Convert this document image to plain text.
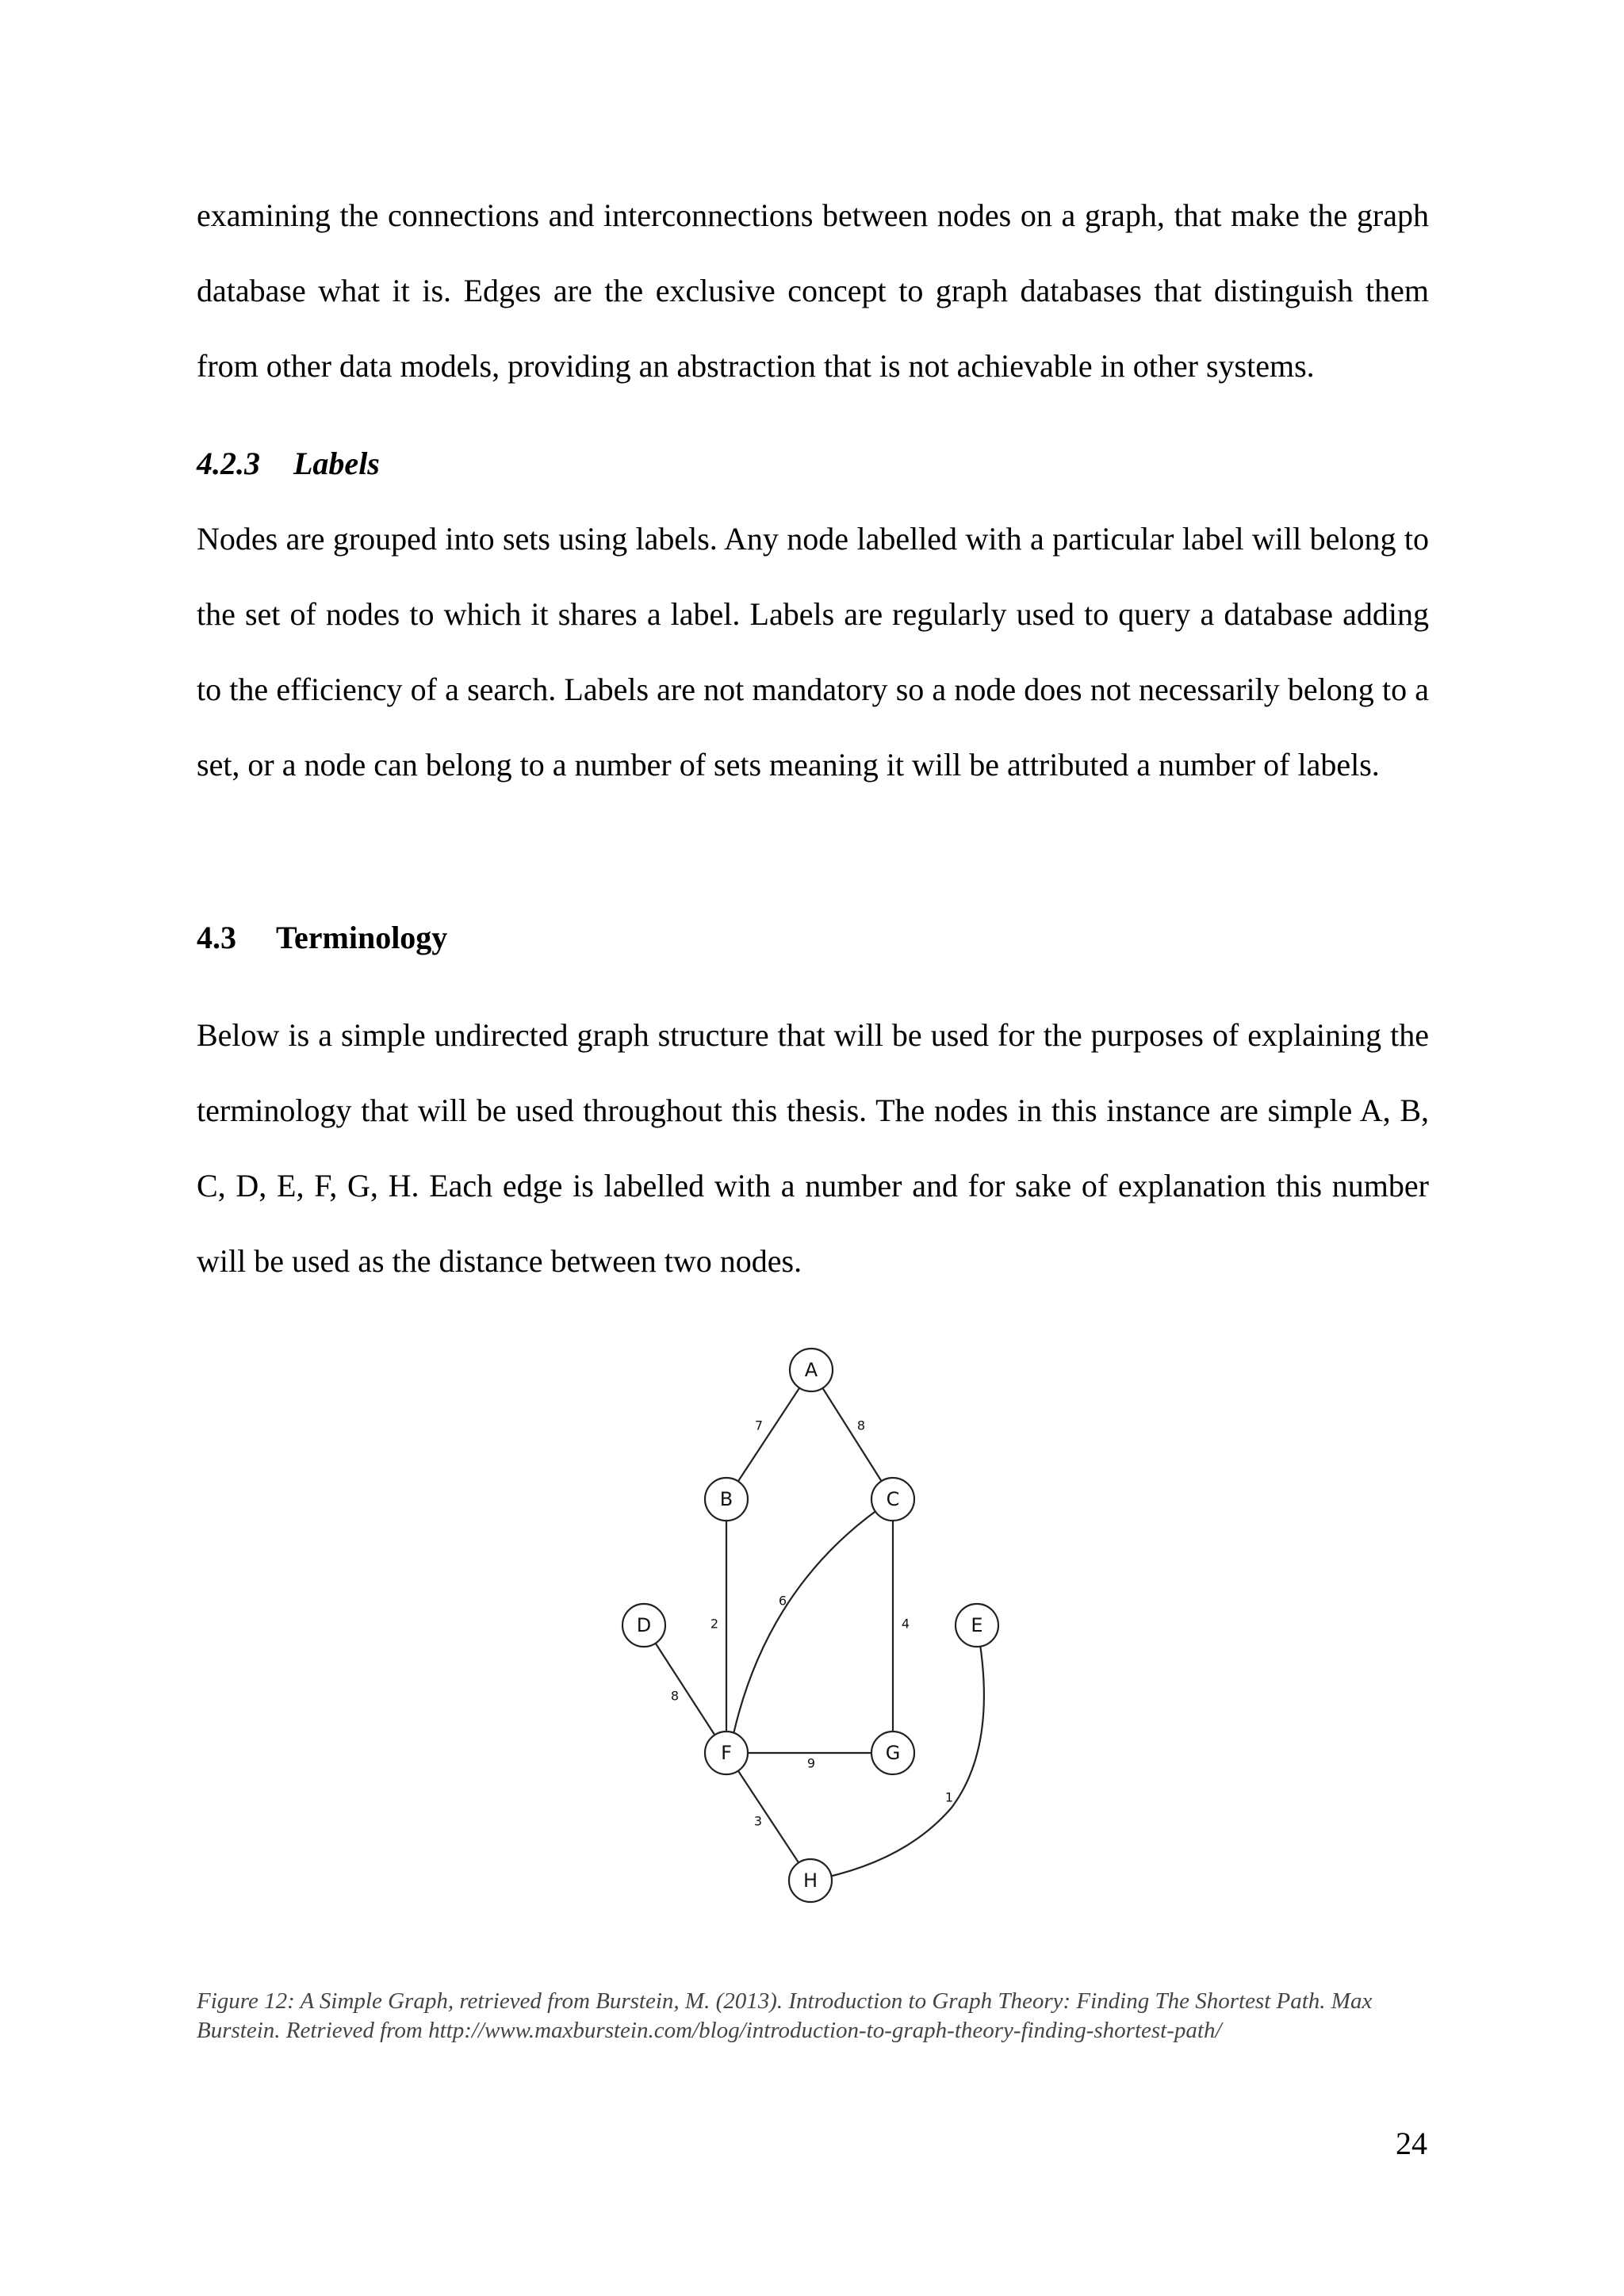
examining the connections and interconnections between nodes on a graph, that make the graph database what it is. Edges are the exclusive concept to graph databases that distinguish them from other data models, providing an abstraction that is not achievable in other systems.

4.2.3 Labels

Nodes are grouped into sets using labels. Any node labelled with a particular label will belong to the set of nodes to which it shares a label. Labels are regularly used to query a database adding to the efficiency of a search. Labels are not mandatory so a node does not necessarily belong to a set, or a node can belong to a number of sets meaning it will be attributed a number of labels.

4.3 Terminology

Below is a simple undirected graph structure that will be used for the purposes of explaining the terminology that will be used throughout this thesis. The nodes in this instance are simple A, B, C, D, E, F, G, H. Each edge is labelled with a number and for sake of explanation this number will be used as the distance between two nodes.

7	8
2
6
4
8
9
3
1
A
B	C
D	E
F	G
H

Figure 12: A Simple Graph, retrieved from Burstein, M. (2013). Introduction to Graph Theory: Finding The Shortest Path. Max Burstein. Retrieved from http://www.maxburstein.com/blog/introduction-to-graph-theory-finding-shortest-path/

24
